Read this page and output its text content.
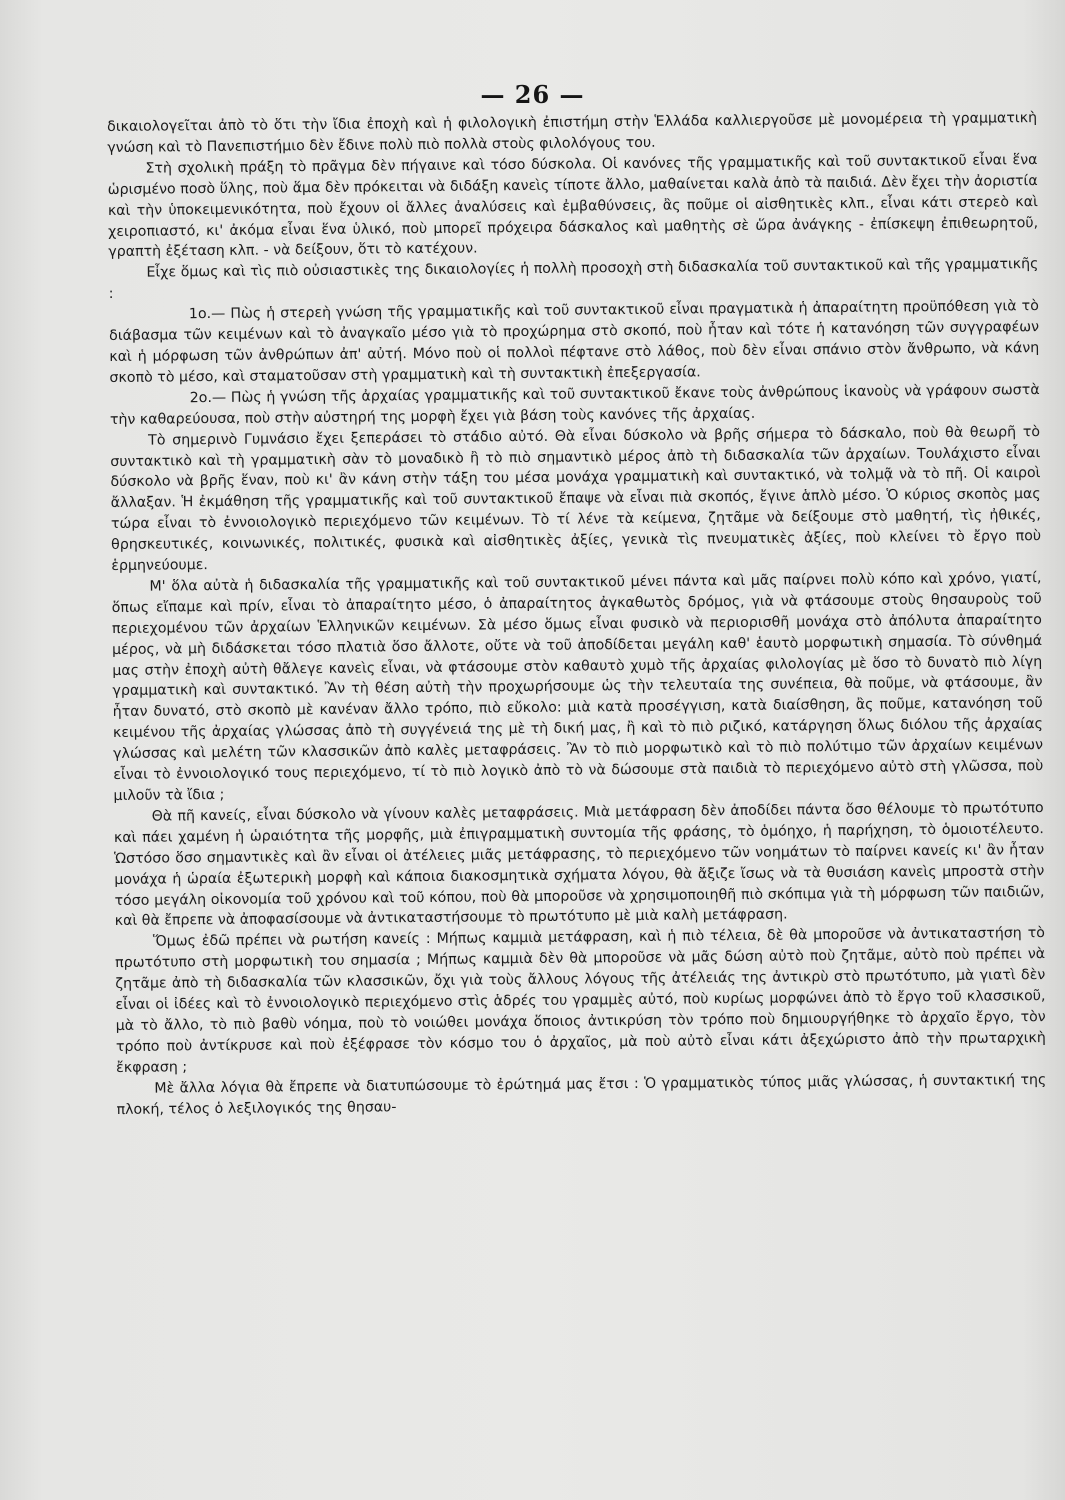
— 26 —

δικαιολογεῖται ἀπὸ τὸ ὅτι τὴν ἴδια ἐποχὴ καὶ ἡ φιλολογικὴ ἐπιστήμη στὴν Ἑλλάδα καλλιεργοῦσε μὲ μονομέρεια τὴ γραμματικὴ γνώση καὶ τὸ Πανεπιστήμιο δὲν ἔδινε πολὺ πιὸ πολλὰ στοὺς φιλολόγους του.

Στὴ σχολικὴ πράξη τὸ πρᾶγμα δὲν πήγαινε καὶ τόσο δύσκολα. Οἱ κανόνες τῆς γραμματικῆς καὶ τοῦ συντακτικοῦ εἶναι ἕνα ὡρισμένο ποσὸ ὕλης, ποὺ ἅμα δὲν πρόκειται νὰ διδάξη κανεὶς τίποτε ἄλλο, μαθαίνεται καλὰ ἀπὸ τὰ παιδιά. Δὲν ἔχει τὴν ἀοριστία καὶ τὴν ὑποκειμενικότητα, ποὺ ἔχουν οἱ ἄλλες ἀναλύσεις καὶ ἐμβαθύνσεις, ἂς ποῦμε οἱ αἰσθητικὲς κλπ., εἶναι κάτι στερεὸ καὶ χειροπιαστό, κι' ἀκόμα εἶναι ἕνα ὑλικό, ποὺ μπορεῖ πρόχειρα δάσκαλος καὶ μαθητὴς σὲ ὥρα ἀνάγκης - ἐπίσκεψη ἐπιθεωρητοῦ, γραπτὴ ἐξέταση κλπ. - νὰ δείξουν, ὅτι τὸ κατέχουν.

Εἶχε ὅμως καὶ τὶς πιὸ οὐσιαστικὲς της δικαιολογίες ἡ πολλὴ προσοχὴ στὴ διδασκαλία τοῦ συντακτικοῦ καὶ τῆς γραμματικῆς :

1ο.— Πὼς ἡ στερεὴ γνώση τῆς γραμματικῆς καὶ τοῦ συντακτικοῦ εἶναι πραγματικὰ ἡ ἀπαραίτητη προϋπόθεση γιὰ τὸ διάβασμα τῶν κειμένων καὶ τὸ ἀναγκαῖο μέσο γιὰ τὸ προχώρημα στὸ σκοπό, ποὺ ἦταν καὶ τότε ἡ κατανόηση τῶν συγγραφέων καὶ ἡ μόρφωση τῶν ἀνθρώπων ἀπ' αὐτή. Μόνο ποὺ οἱ πολλοὶ πέφτανε στὸ λάθος, ποὺ δὲν εἶναι σπάνιο στὸν ἄνθρωπο, νὰ κάνη σκοπὸ τὸ μέσο, καὶ σταματοῦσαν στὴ γραμματικὴ καὶ τὴ συντακτικὴ ἐπεξεργασία.

2ο.— Πὼς ἡ γνώση τῆς ἀρχαίας γραμματικῆς καὶ τοῦ συντακτικοῦ ἔκανε τοὺς ἀνθρώπους ἱκανοὺς νὰ γράφουν σωστὰ τὴν καθαρεύουσα, ποὺ στὴν αὐστηρή της μορφὴ ἔχει γιὰ βάση τοὺς κανόνες τῆς ἀρχαίας.

Τὸ σημερινὸ Γυμνάσιο ἔχει ξεπεράσει τὸ στάδιο αὐτό. Θὰ εἶναι δύσκολο νὰ βρῆς σήμερα τὸ δάσκαλο, ποὺ θὰ θεωρῆ τὸ συντακτικὸ καὶ τὴ γραμματικὴ σὰν τὸ μοναδικὸ ἢ τὸ πιὸ σημαντικὸ μέρος ἀπὸ τὴ διδασκαλία τῶν ἀρχαίων. Τουλάχιστο εἶναι δύσκολο νὰ βρῆς ἕναν, ποὺ κι' ἂν κάνη στὴν τάξη του μέσα μονάχα γραμματικὴ καὶ συντακτικό, νὰ τολμᾷ νὰ τὸ πῆ. Οἱ καιροὶ ἄλλαξαν. Ἡ ἐκμάθηση τῆς γραμματικῆς καὶ τοῦ συντακτικοῦ ἔπαψε νὰ εἶναι πιὰ σκοπός, ἔγινε ἁπλὸ μέσο. Ὁ κύριος σκοπὸς μας τώρα εἶναι τὸ ἐννοιολογικὸ περιεχόμενο τῶν κειμένων. Τὸ τί λένε τὰ κείμενα, ζητᾶμε νὰ δείξουμε στὸ μαθητή, τὶς ἠθικές, θρησκευτικές, κοινωνικές, πολιτικές, φυσικὰ καὶ αἰσθητικὲς ἀξίες, γενικὰ τὶς πνευματικὲς ἀξίες, ποὺ κλείνει τὸ ἔργο ποὺ ἑρμηνεύουμε.

Μ' ὅλα αὐτὰ ἡ διδασκαλία τῆς γραμματικῆς καὶ τοῦ συντακτικοῦ μένει πάντα καὶ μᾶς παίρνει πολὺ κόπο καὶ χρόνο, γιατί, ὅπως εἴπαμε καὶ πρίν, εἶναι τὸ ἀπαραίτητο μέσο, ὁ ἀπαραίτητος ἀγκαθωτὸς δρόμος, γιὰ νὰ φτάσουμε στοὺς θησαυροὺς τοῦ περιεχομένου τῶν ἀρχαίων Ἑλληνικῶν κειμένων. Σὰ μέσο ὅμως εἶναι φυσικὸ νὰ περιορισθῆ μονάχα στὸ ἀπόλυτα ἀπαραίτητο μέρος, νὰ μὴ διδάσκεται τόσο πλατιὰ ὅσο ἄλλοτε, οὔτε νὰ τοῦ ἀποδίδεται μεγάλη καθ' ἑαυτὸ μορφωτικὴ σημασία. Τὸ σύνθημά μας στὴν ἐποχὴ αὐτὴ θἄλεγε κανεὶς εἶναι, νὰ φτάσουμε στὸν καθαυτὸ χυμὸ τῆς ἀρχαίας φιλολογίας μὲ ὅσο τὸ δυνατὸ πιὸ λίγη γραμματικὴ καὶ συντακτικό. Ἂν τὴ θέση αὐτὴ τὴν προχωρήσουμε ὡς τὴν τελευταία της συνέπεια, θὰ ποῦμε, νὰ φτάσουμε, ἂν ἦταν δυνατό, στὸ σκοπὸ μὲ κανέναν ἄλλο τρόπο, πιὸ εὔκολο: μιὰ κατὰ προσέγγιση, κατὰ διαίσθηση, ἂς ποῦμε, κατανόηση τοῦ κειμένου τῆς ἀρχαίας γλώσσας ἀπὸ τὴ συγγένειά της μὲ τὴ δική μας, ἢ καὶ τὸ πιὸ ριζικό, κατάργηση ὅλως διόλου τῆς ἀρχαίας γλώσσας καὶ μελέτη τῶν κλασσικῶν ἀπὸ καλὲς μεταφράσεις. Ἂν τὸ πιὸ μορφωτικὸ καὶ τὸ πιὸ πολύτιμο τῶν ἀρχαίων κειμένων εἶναι τὸ ἐννοιολογικό τους περιεχόμενο, τί τὸ πιὸ λογικὸ ἀπὸ τὸ νὰ δώσουμε στὰ παιδιὰ τὸ περιεχόμενο αὐτὸ στὴ γλῶσσα, ποὺ μιλοῦν τὰ ἴδια ;

Θὰ πῆ κανείς, εἶναι δύσκολο νὰ γίνουν καλὲς μεταφράσεις. Μιὰ μετάφραση δὲν ἀποδίδει πάντα ὅσο θέλουμε τὸ πρωτότυπο καὶ πάει χαμένη ἡ ὡραιότητα τῆς μορφῆς, μιὰ ἐπιγραμματικὴ συντομία τῆς φράσης, τὸ ὁμόηχο, ἡ παρήχηση, τὸ ὁμοιοτέλευτο. Ὡστόσο ὅσο σημαντικὲς καὶ ἂν εἶναι οἱ ἀτέλειες μιᾶς μετάφρασης, τὸ περιεχόμενο τῶν νοημάτων τὸ παίρνει κανείς κι' ἂν ἦταν μονάχα ἡ ὡραία ἐξωτερικὴ μορφὴ καὶ κάποια διακοσμητικὰ σχήματα λόγου, θὰ ἄξιζε ἴσως νὰ τὰ θυσιάση κανεὶς μπροστὰ στὴν τόσο μεγάλη οἰκονομία τοῦ χρόνου καὶ τοῦ κόπου, ποὺ θὰ μποροῦσε νὰ χρησιμοποιηθῆ πιὸ σκόπιμα γιὰ τὴ μόρφωση τῶν παιδιῶν, καὶ θὰ ἔπρεπε νὰ ἀποφασίσουμε νὰ ἀντικαταστήσουμε τὸ πρωτότυπο μὲ μιὰ καλὴ μετάφραση.

Ὅμως ἐδῶ πρέπει νὰ ρωτήση κανείς : Μήπως καμμιὰ μετάφραση, καὶ ἡ πιὸ τέλεια, δὲ θὰ μποροῦσε νὰ ἀντικαταστήση τὸ πρωτότυπο στὴ μορφωτικὴ του σημασία ; Μήπως καμμιὰ δὲν θὰ μποροῦσε νὰ μᾶς δώση αὐτὸ ποὺ ζητᾶμε, αὐτὸ ποὺ πρέπει νὰ ζητᾶμε ἀπὸ τὴ διδασκαλία τῶν κλασσικῶν, ὄχι γιὰ τοὺς ἄλλους λόγους τῆς ἀτέλειάς της ἀντικρὺ στὸ πρωτότυπο, μὰ γιατὶ δὲν εἶναι οἱ ἰδέες καὶ τὸ ἐννοιολογικὸ περιεχόμενο στὶς ἁδρές του γραμμὲς αὐτό, ποὺ κυρίως μορφώνει ἀπὸ τὸ ἔργο τοῦ κλασσικοῦ, μὰ τὸ ἄλλο, τὸ πιὸ βαθὺ νόημα, ποὺ τὸ νοιώθει μονάχα ὅποιος ἀντικρύση τὸν τρόπο ποὺ δημιουργήθηκε τὸ ἀρχαῖο ἔργο, τὸν τρόπο ποὺ ἀντίκρυσε καὶ ποὺ ἐξέφρασε τὸν κόσμο του ὁ ἀρχαῖος, μὰ ποὺ αὐτὸ εἶναι κάτι ἀξεχώριστο ἀπὸ τὴν πρωταρχικὴ ἔκφραση ;

Μὲ ἄλλα λόγια θὰ ἔπρεπε νὰ διατυπώσουμε τὸ ἐρώτημά μας ἔτσι : Ὁ γραμματικὸς τύπος μιᾶς γλώσσας, ἡ συντακτική της πλοκή, τέλος ὁ λεξιλογικός της θησαυ-
